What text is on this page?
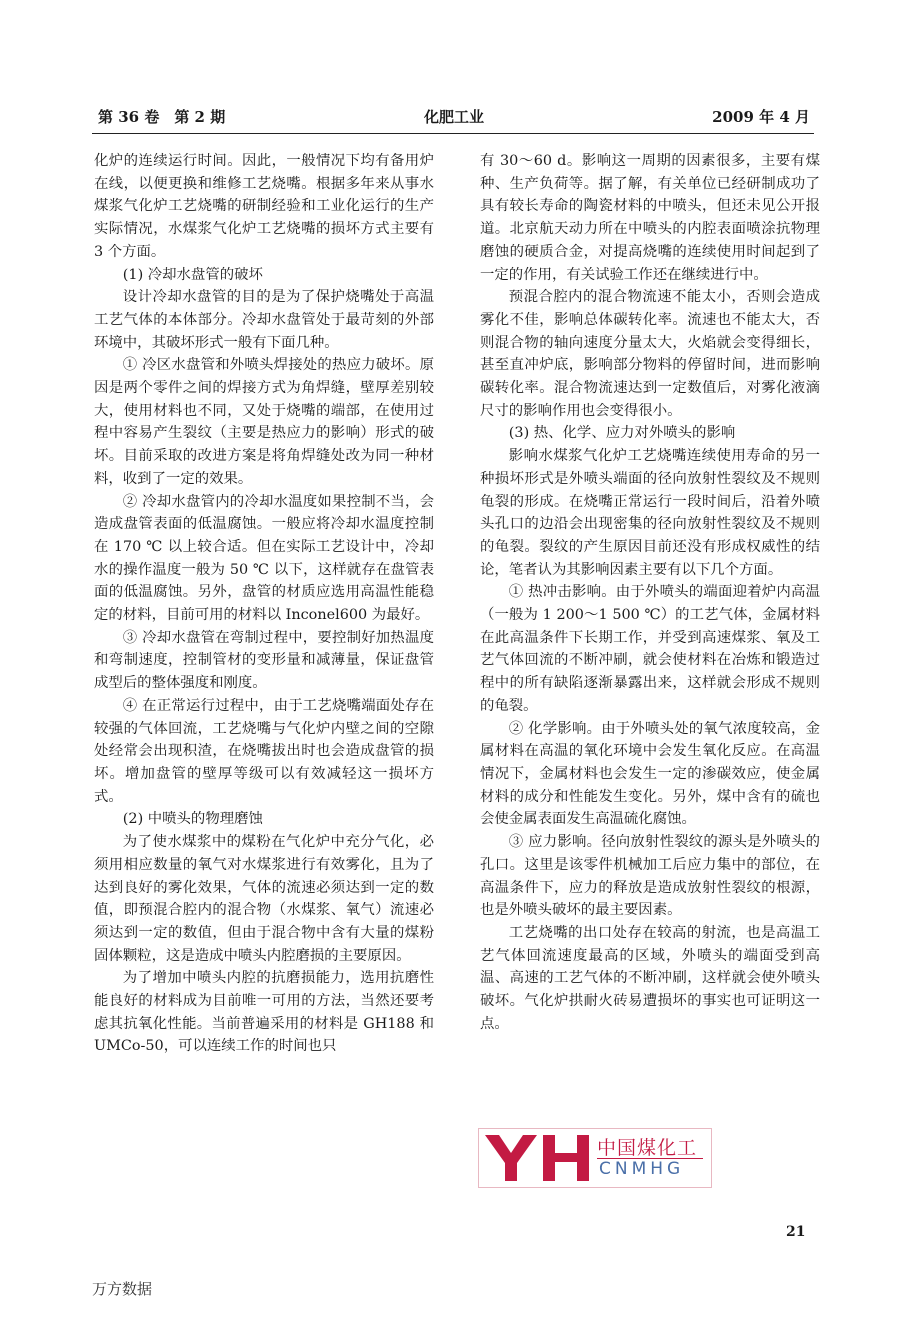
第 36 卷　第 2 期	化肥工业	2009 年 4 月

化炉的连续运行时间。因此，一般情况下均有备用炉在线，以便更换和维修工艺烧嘴。根据多年来从事水煤浆气化炉工艺烧嘴的研制经验和工业化运行的生产实际情况，水煤浆气化炉工艺烧嘴的损坏方式主要有 3 个方面。

(1) 冷却水盘管的破坏

设计冷却水盘管的目的是为了保护烧嘴处于高温工艺气体的本体部分。冷却水盘管处于最苛刻的外部环境中，其破坏形式一般有下面几种。

① 冷区水盘管和外喷头焊接处的热应力破坏。原因是两个零件之间的焊接方式为角焊缝，壁厚差别较大，使用材料也不同，又处于烧嘴的端部，在使用过程中容易产生裂纹（主要是热应力的影响）形式的破坏。目前采取的改进方案是将角焊缝处改为同一种材料，收到了一定的效果。

② 冷却水盘管内的冷却水温度如果控制不当，会造成盘管表面的低温腐蚀。一般应将冷却水温度控制在 170 ℃ 以上较合适。但在实际工艺设计中，冷却水的操作温度一般为 50 ℃ 以下，这样就存在盘管表面的低温腐蚀。另外，盘管的材质应选用高温性能稳定的材料，目前可用的材料以 Inconel600 为最好。

③ 冷却水盘管在弯制过程中，要控制好加热温度和弯制速度，控制管材的变形量和减薄量，保证盘管成型后的整体强度和刚度。

④ 在正常运行过程中，由于工艺烧嘴端面处存在较强的气体回流，工艺烧嘴与气化炉内壁之间的空隙处经常会出现积渣，在烧嘴拔出时也会造成盘管的损坏。增加盘管的壁厚等级可以有效减轻这一损坏方式。

(2) 中喷头的物理磨蚀

为了使水煤浆中的煤粉在气化炉中充分气化，必须用相应数量的氧气对水煤浆进行有效雾化，且为了达到良好的雾化效果，气体的流速必须达到一定的数值，即预混合腔内的混合物（水煤浆、氧气）流速必须达到一定的数值，但由于混合物中含有大量的煤粉固体颗粒，这是造成中喷头内腔磨损的主要原因。

为了增加中喷头内腔的抗磨损能力，选用抗磨性能良好的材料成为目前唯一可用的方法，当然还要考虑其抗氧化性能。当前普遍采用的材料是 GH188 和 UMCo-50，可以连续工作的时间也只

有 30～60 d。影响这一周期的因素很多，主要有煤种、生产负荷等。据了解，有关单位已经研制成功了具有较长寿命的陶瓷材料的中喷头，但还未见公开报道。北京航天动力所在中喷头的内腔表面喷涂抗物理磨蚀的硬质合金，对提高烧嘴的连续使用时间起到了一定的作用，有关试验工作还在继续进行中。

预混合腔内的混合物流速不能太小，否则会造成雾化不佳，影响总体碳转化率。流速也不能太大，否则混合物的轴向速度分量太大，火焰就会变得细长，甚至直冲炉底，影响部分物料的停留时间，进而影响碳转化率。混合物流速达到一定数值后，对雾化液滴尺寸的影响作用也会变得很小。

(3) 热、化学、应力对外喷头的影响

影响水煤浆气化炉工艺烧嘴连续使用寿命的另一种损坏形式是外喷头端面的径向放射性裂纹及不规则龟裂的形成。在烧嘴正常运行一段时间后，沿着外喷头孔口的边沿会出现密集的径向放射性裂纹及不规则的龟裂。裂纹的产生原因目前还没有形成权威性的结论，笔者认为其影响因素主要有以下几个方面。

① 热冲击影响。由于外喷头的端面迎着炉内高温（一般为 1 200～1 500 ℃）的工艺气体，金属材料在此高温条件下长期工作，并受到高速煤浆、氧及工艺气体回流的不断冲刷，就会使材料在冶炼和锻造过程中的所有缺陷逐渐暴露出来，这样就会形成不规则的龟裂。

② 化学影响。由于外喷头处的氧气浓度较高，金属材料在高温的氧化环境中会发生氧化反应。在高温情况下，金属材料也会发生一定的渗碳效应，使金属材料的成分和性能发生变化。另外，煤中含有的硫也会使金属表面发生高温硫化腐蚀。

③ 应力影响。径向放射性裂纹的源头是外喷头的孔口。这里是该零件机械加工后应力集中的部位，在高温条件下，应力的释放是造成放射性裂纹的根源，也是外喷头破坏的最主要因素。

工艺烧嘴的出口处存在较高的射流，也是高温工艺气体回流速度最高的区域，外喷头的端面受到高温、高速的工艺气体的不断冲刷，这样就会使外喷头破坏。气化炉拱耐火砖易遭损坏的事实也可证明这一点。

中国煤化工
CNMHG
21
万方数据
